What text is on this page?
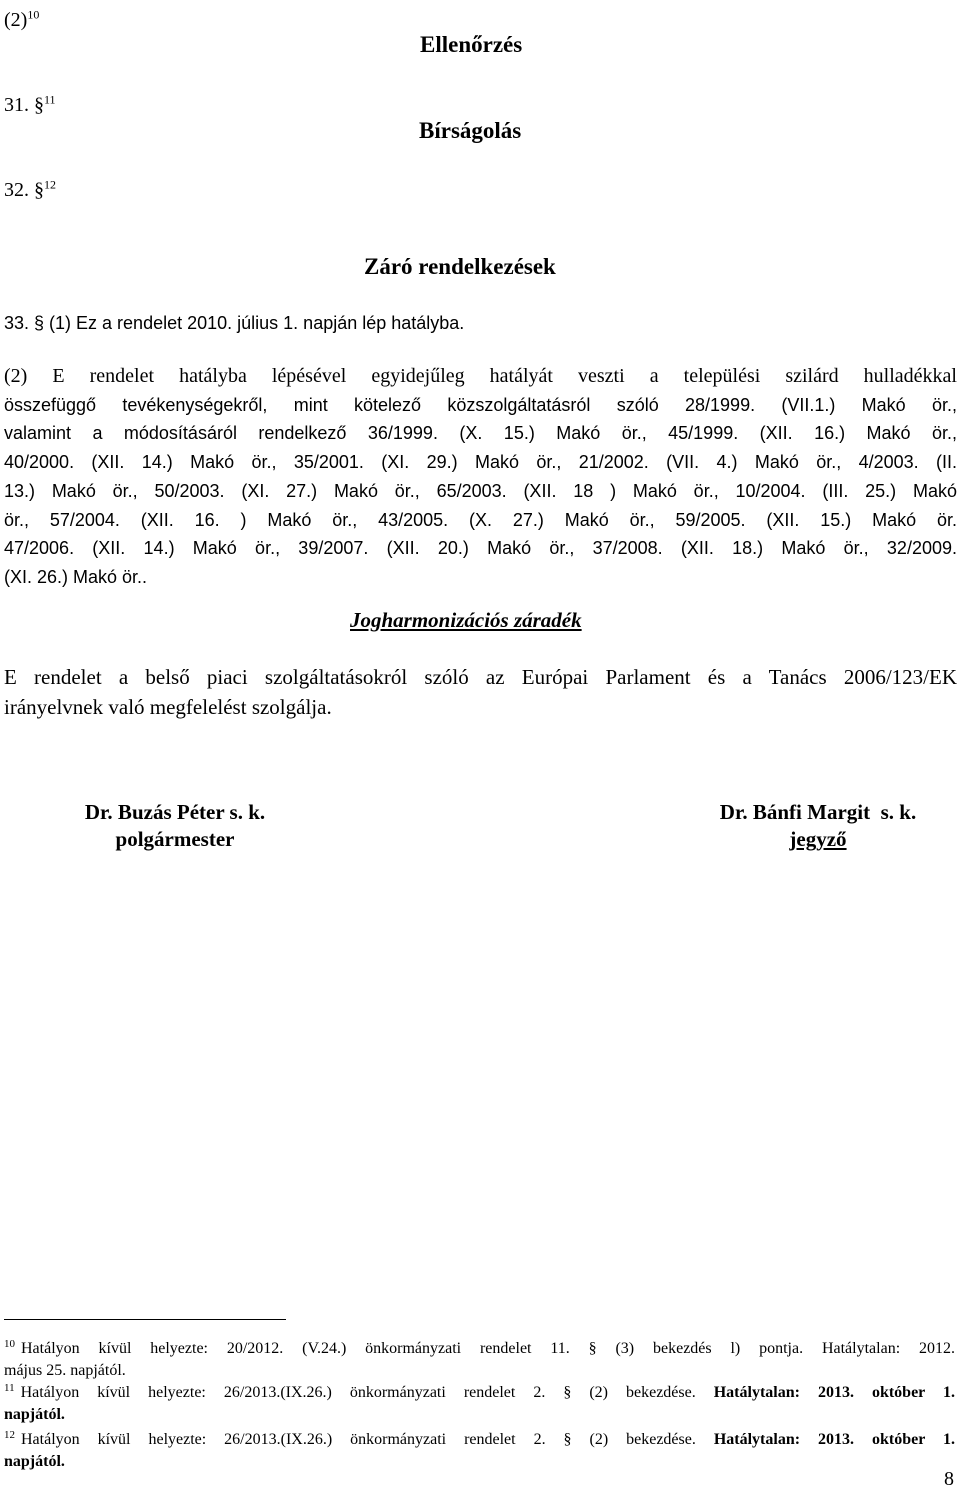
$(2)^{10}$
Ellenőrzés
31. §$^{11}$
Bírságolás
32. §$^{12}$
Záró rendelkezések
33. § (1) Ez a rendelet 2010. július 1. napján lép hatályba.
(2) E rendelet hatályba lépésével egyidejűleg hatályát veszti a települési szilárd hulladékkal
összefüggő tevékenységekről, mint kötelező közszolgáltatásról szóló 28/1999. (VII.1.) Makó ör.,
valamint a módosításáról rendelkező 36/1999. (X. 15.) Makó ör., 45/1999. (XII. 16.) Makó ör.,
40/2000. (XII. 14.) Makó ör., 35/2001. (XI. 29.) Makó ör., 21/2002. (VII. 4.) Makó ör., 4/2003. (II.
13.) Makó ör., 50/2003. (XI. 27.) Makó ör., 65/2003. (XII. 18 ) Makó ör., 10/2004. (III. 25.) Makó
ör., 57/2004. (XII. 16. ) Makó ör., 43/2005. (X. 27.) Makó ör., 59/2005. (XII. 15.) Makó ör.
47/2006. (XII. 14.) Makó ör., 39/2007. (XII. 20.) Makó ör., 37/2008. (XII. 18.) Makó ör., 32/2009.
(XI. 26.) Makó ör..
Jogharmonizációs záradék
E rendelet a belső piaci szolgáltatásokról szóló az Európai Parlament és a Tanács 2006/123/EK
irányelvnek való megfelelést szolgálja.
Dr. Buzás Péter s. k.
polgármester
Dr. Bánfi Margit  s. k.
jegyző
$^{10}$ Hatályon kívül helyezte: 20/2012. (V.24.) önkormányzati rendelet 11. § (3) bekezdés l) pontja. Hatálytalan: 2012.
május 25. napjától.
$^{11}$ Hatályon kívül helyezte: 26/2013.(IX.26.) önkormányzati rendelet 2. § (2) bekezdése. Hatálytalan: 2013. október 1.
napjától.
$^{12}$ Hatályon kívül helyezte: 26/2013.(IX.26.) önkormányzati rendelet 2. § (2) bekezdése. Hatálytalan: 2013. október 1.
napjától.
8
